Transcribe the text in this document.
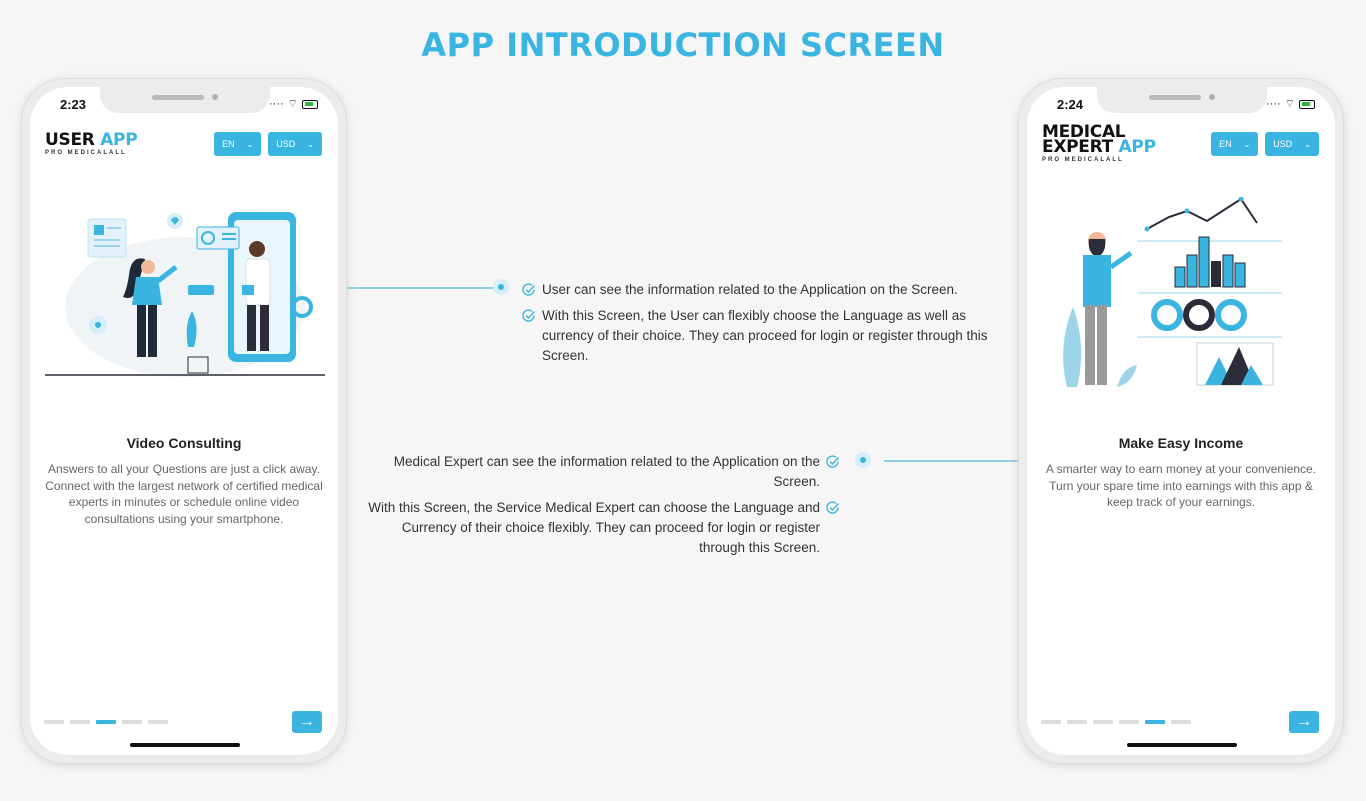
APP INTRODUCTION SCREEN
2:23	···· ⌔
USER APP
PRO MEDICALALL
EN ⌄	USD ⌄
Video Consulting
Answers to all your Questions are just a click away. Connect with the largest network of certified medical experts in minutes or schedule online video consultations using your smartphone.
→
2:24	···· ⌔
MEDICAL
EXPERT APP
PRO MEDICALALL
EN ⌄	USD ⌄
Make Easy Income
A smarter way to earn money at your convenience. Turn your spare time into earnings with this app & keep track of your earnings.
→
User can see the information related to the Application on the Screen.
With this Screen, the User can flexibly choose the Language as well as currency of their choice. They can proceed for login or register through this Screen.
Medical Expert can see the information related to the Application on the Screen.
With this Screen, the Service Medical Expert can choose the Language and Currency of their choice flexibly. They can proceed for login or register through this Screen.
